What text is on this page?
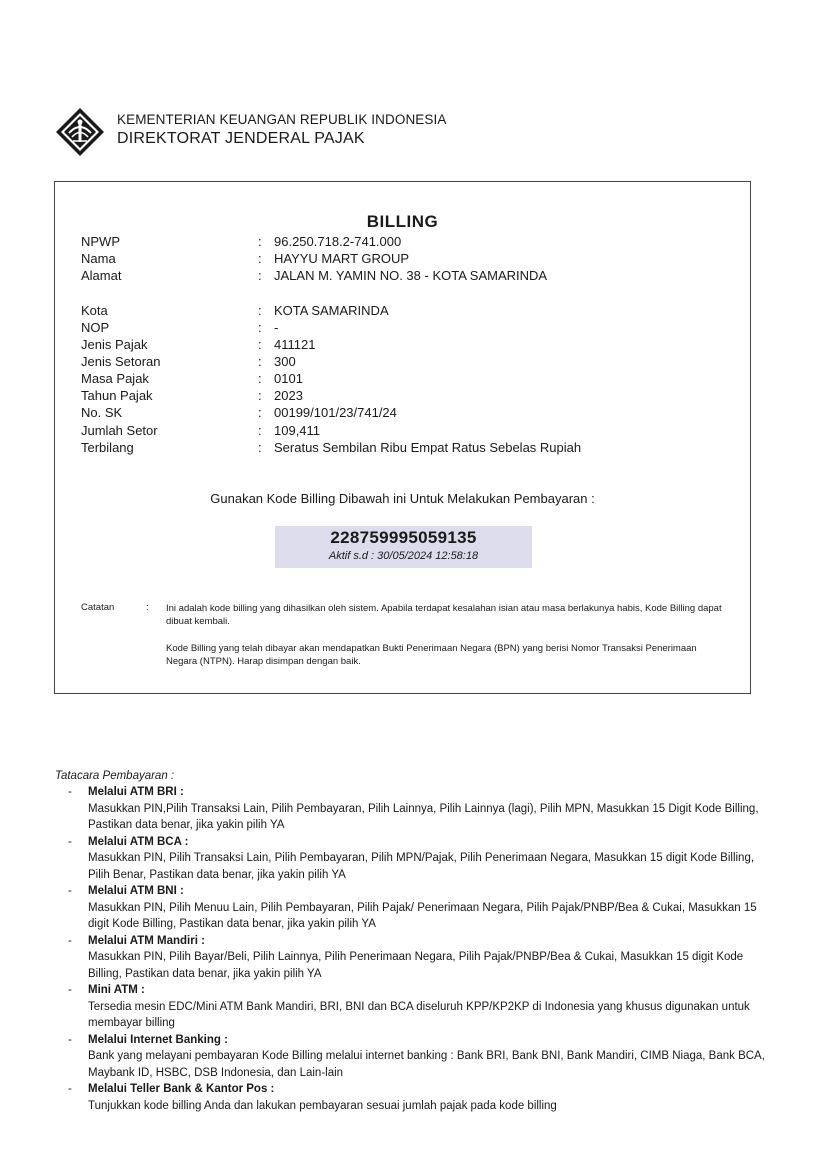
KEMENTERIAN KEUANGAN REPUBLIK INDONESIA
DIREKTORAT JENDERAL PAJAK
BILLING
NPWP	: 96.250.718.2-741.000
Nama	: HAYYU MART GROUP
Alamat	: JALAN M. YAMIN NO. 38 - KOTA SAMARINDA
Kota	: KOTA SAMARINDA
NOP	: -
Jenis Pajak	: 411121
Jenis Setoran	: 300
Masa Pajak	: 0101
Tahun Pajak	: 2023
No. SK	: 00199/101/23/741/24
Jumlah Setor	: 109,411
Terbilang	: Seratus Sembilan Ribu Empat Ratus Sebelas Rupiah
Gunakan Kode Billing Dibawah ini Untuk Melakukan Pembayaran :
228759995059135
Aktif s.d : 30/05/2024 12:58:18
Catatan	: Ini adalah kode billing yang dihasilkan oleh sistem. Apabila terdapat kesalahan isian atau masa berlakunya habis, Kode Billing dapat dibuat kembali.
Kode Billing yang telah dibayar akan mendapatkan Bukti Penerimaan Negara (BPN) yang berisi Nomor Transaksi Penerimaan Negara (NTPN). Harap disimpan dengan baik.
Tatacara Pembayaran :
- Melalui ATM BRI :
Masukkan PIN,Pilih Transaksi Lain, Pilih Pembayaran, Pilih Lainnya, Pilih Lainnya (lagi), Pilih MPN, Masukkan 15 Digit Kode Billing, Pastikan data benar, jika yakin pilih YA
- Melalui ATM BCA :
Masukkan PIN, Pilih Transaksi Lain, Pilih Pembayaran, Pilih MPN/Pajak, Pilih Penerimaan Negara, Masukkan 15 digit Kode Billing, Pilih Benar, Pastikan data benar, jika yakin pilih YA
- Melalui ATM BNI :
Masukkan PIN, Pilih Menuu Lain, Pilih Pembayaran, Pilih Pajak/ Penerimaan Negara, Pilih Pajak/PNBP/Bea & Cukai, Masukkan 15 digit Kode Billing, Pastikan data benar, jika yakin pilih YA
- Melalui ATM Mandiri :
Masukkan PIN, Pilih Bayar/Beli, Pilih Lainnya, Pilih Penerimaan Negara, Pilih Pajak/PNBP/Bea & Cukai, Masukkan 15 digit Kode Billing, Pastikan data benar, jika yakin pilih YA
- Mini ATM :
Tersedia mesin EDC/Mini ATM Bank Mandiri, BRI, BNI dan BCA diseluruh KPP/KP2KP di Indonesia yang khusus digunakan untuk membayar billing
- Melalui Internet Banking :
Bank yang melayani pembayaran Kode Billing melalui internet banking : Bank BRI, Bank BNI, Bank Mandiri, CIMB Niaga, Bank BCA, Maybank ID, HSBC, DSB Indonesia, dan Lain-lain
- Melalui Teller Bank & Kantor Pos :
Tunjukkan kode billing Anda dan lakukan pembayaran sesuai jumlah pajak pada kode billing
